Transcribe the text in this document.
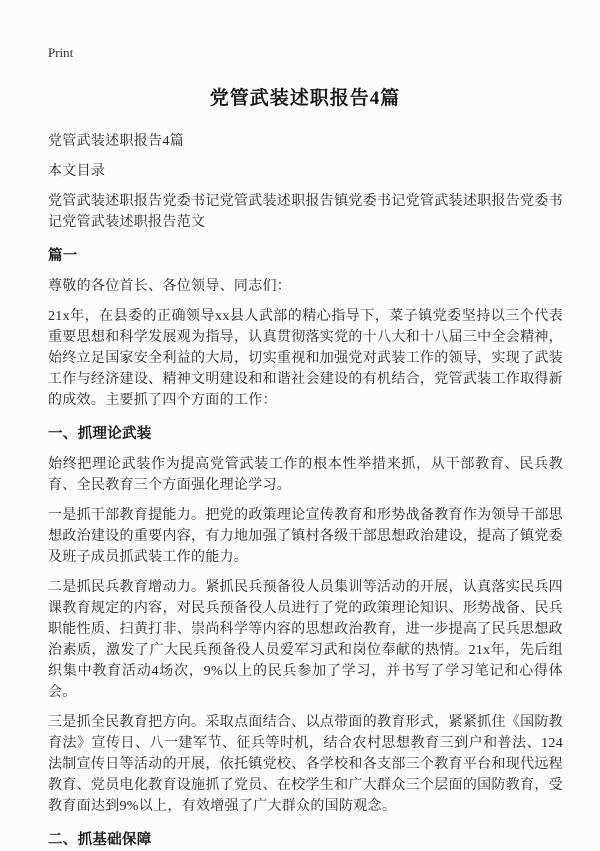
Print
党管武装述职报告4篇

党管武装述职报告4篇

本文目录

党管武装述职报告党委书记党管武装述职报告镇党委书记党管武装述职报告党委书记党管武装述职报告范文

篇一

尊敬的各位首长、各位领导、同志们：

21x年，在县委的正确领导xx县人武部的精心指导下，菜子镇党委坚持以三个代表重要思想和科学发展观为指导，认真贯彻落实党的十八大和十八届三中全会精神，始终立足国家安全利益的大局，切实重视和加强党对武装工作的领导，实现了武装工作与经济建设、精神文明建设和和谐社会建设的有机结合，党管武装工作取得新的成效。主要抓了四个方面的工作：

一、抓理论武装

始终把理论武装作为提高党管武装工作的根本性举措来抓，从干部教育、民兵教育、全民教育三个方面强化理论学习。

一是抓干部教育提能力。把党的政策理论宣传教育和形势战备教育作为领导干部思想政治建设的重要内容，有力地加强了镇村各级干部思想政治建设，提高了镇党委及班子成员抓武装工作的能力。

二是抓民兵教育增动力。紧抓民兵预备役人员集训等活动的开展，认真落实民兵四课教育规定的内容，对民兵预备役人员进行了党的政策理论知识、形势战备、民兵职能性质、扫黄打非、崇尚科学等内容的思想政治教育，进一步提高了民兵思想政治素质，激发了广大民兵预备役人员爱军习武和岗位奉献的热情。21x年，先后组织集中教育活动4场次，9%以上的民兵参加了学习，并书写了学习笔记和心得体会。

三是抓全民教育把方向。采取点面结合、以点带面的教育形式，紧紧抓住《国防教育法》宣传日、八一建军节、征兵等时机，结合农村思想教育三到户和普法、124法制宣传日等活动的开展，依托镇党校、各学校和各支部三个教育平台和现代远程教育、党员电化教育设施抓了党员、在校学生和广大群众三个层面的国防教育，受教育面达到9%以上，有效增强了广大群众的国防观念。

二、抓基础保障
